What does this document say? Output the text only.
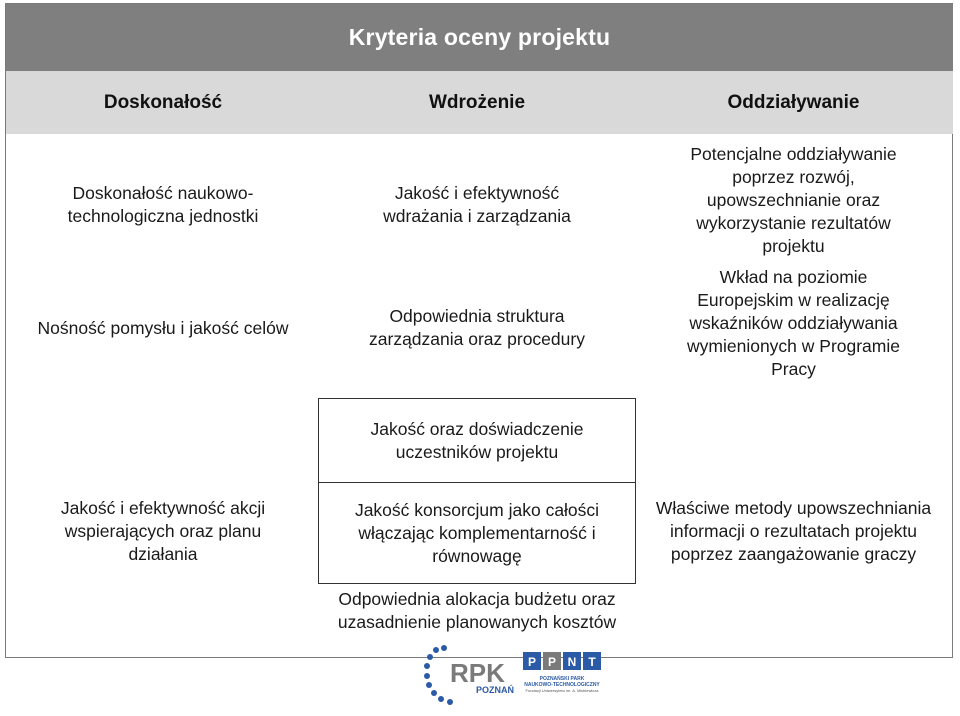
Kryteria oceny projektu
Doskonałość	Wdrożenie	Oddziaływanie
Doskonałość naukowo-technologiczna jednostki
Nośność pomysłu i jakość celów
Jakość i efektywność akcji wspierających oraz planu działania
Jakość i efektywność wdrażania i zarządzania
Odpowiednia struktura zarządzania oraz procedury
Jakość oraz doświadczenie uczestników projektu
Jakość konsorcjum jako całości włączając komplementarność i równowagę
Odpowiednia alokacja budżetu oraz uzasadnienie planowanych kosztów
Potencjalne oddziaływanie poprzez rozwój, upowszechnianie oraz wykorzystanie rezultatów projektu
Wkład na poziomie Europejskim w realizację wskaźników oddziaływania wymienionych w Programie Pracy
Właściwe metody upowszechniania informacji o rezultatach projektu poprzez zaangażowanie graczy
RPK
POZNAŃ
P P N T
POZNAŃSKI PARK
NAUKOWO-TECHNOLOGICZNY
Fundacji Uniwersytetu im. A. Mickiewicza
